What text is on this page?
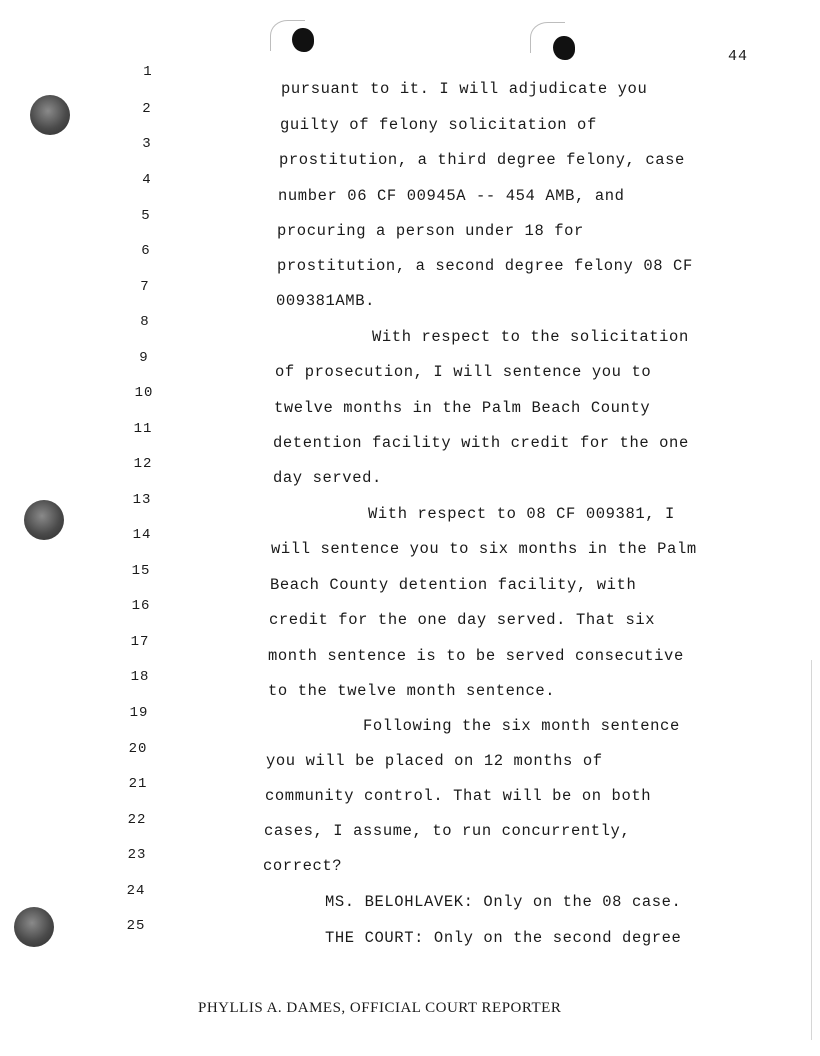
44
1
2
3
4
5
6
7
8
9
10
11
12
13
14
15
16
17
18
19
20
21
22
23
24
25
pursuant to it. I will adjudicate you
guilty of felony solicitation of
prostitution, a third degree felony, case
number 06 CF 00945A -- 454 AMB, and
procuring a person under 18 for
prostitution, a second degree felony 08 CF
009381AMB.
With respect to the solicitation
of prosecution, I will sentence you to
twelve months in the Palm Beach County
detention facility with credit for the one
day served.
With respect to 08 CF 009381, I
will sentence you to six months in the Palm
Beach County detention facility, with
credit for the one day served. That six
month sentence is to be served consecutive
to the twelve month sentence.
Following the six month sentence
you will be placed on 12 months of
community control. That will be on both
cases, I assume, to run concurrently,
correct?
MS. BELOHLAVEK: Only on the 08 case.
THE COURT: Only on the second degree
PHYLLIS A. DAMES, OFFICIAL COURT REPORTER
